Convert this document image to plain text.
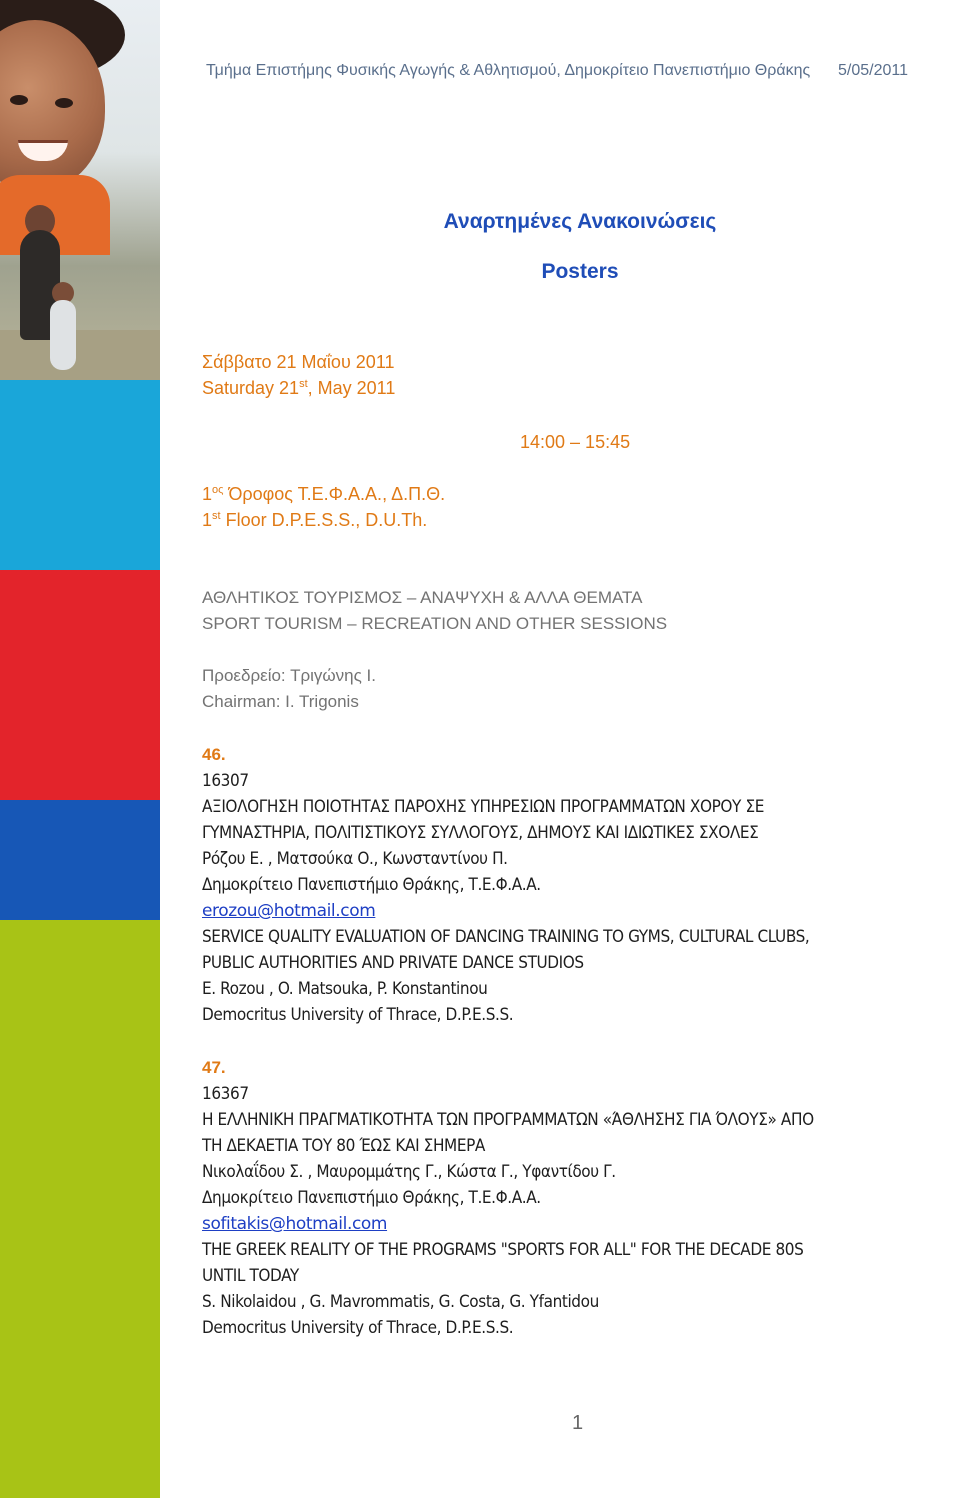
Τμήμα Επιστήμης Φυσικής Αγωγής & Αθλητισμού, Δημοκρίτειο Πανεπιστήμιο Θράκης 5/05/2011
Αναρτημένες Ανακοινώσεις
Posters
Σάββατο 21 Μαΐου 2011
Saturday 21st, May 2011
14:00 – 15:45
$1^{o\varsigma}$ Όροφος Τ.Ε.Φ.Α.Α., Δ.Π.Θ.
1st Floor D.P.E.S.S., D.U.Th.
ΑΘΛΗΤΙΚΟΣ ΤΟΥΡΙΣΜΟΣ – ΑΝΑΨΥΧΗ & ΑΛΛΑ ΘΕΜΑΤΑ
SPORT TOURISM – RECREATION AND OTHER SESSIONS
Προεδρείο: Τριγώνης Ι.
Chairman: I. Trigonis
46.
16307
ΑΞΙΟΛΟΓΗΣΗ ΠΟΙΟΤΗΤΑΣ ΠΑΡΟΧΗΣ ΥΠΗΡΕΣΙΩΝ ΠΡΟΓΡΑΜΜΑΤΩΝ ΧΟΡΟΥ ΣΕ
ΓΥΜΝΑΣΤΗΡΙΑ, ΠΟΛΙΤΙΣΤΙΚΟΥΣ ΣΥΛΛΟΓΟΥΣ, ΔΗΜΟΥΣ ΚΑΙ ΙΔΙΩΤΙΚΕΣ ΣΧΟΛΕΣ
Ρόζου Ε. , Ματσούκα Ο., Κωνσταντίνου Π.
Δημοκρίτειο Πανεπιστήμιο Θράκης, Τ.Ε.Φ.Α.Α.
erozou@hotmail.com
SERVICE QUALITY EVALUATION OF DANCING TRAINING TO GYMS, CULTURAL CLUBS,
PUBLIC AUTHORITIES AND PRIVATE DANCE STUDIOS
E. Rozou , O. Matsouka, P. Konstantinou
Democritus University of Thrace, D.P.E.S.S.
47.
16367
Η ΕΛΛΗΝΙΚΗ ΠΡΑΓΜΑΤΙΚΟΤΗΤΑ ΤΩΝ ΠΡΟΓΡΑΜΜΑΤΩΝ «ΆΘΛΗΣΗΣ ΓΙΑ ΌΛΟΥΣ» ΑΠΟ
ΤΗ ΔΕΚΑΕΤΙΑ ΤΟΥ 80 ΈΩΣ ΚΑΙ ΣΗΜΕΡΑ
Νικολαΐδου Σ. , Μαυρομμάτης Γ., Κώστα Γ., Υφαντίδου Γ.
Δημοκρίτειο Πανεπιστήμιο Θράκης, Τ.Ε.Φ.Α.Α.
sofitakis@hotmail.com
THE GREEK REALITY OF THE PROGRAMS "SPORTS FOR ALL" FOR THE DECADE 80S
UNTIL TODAY
S. Nikolaidou , G. Mavrommatis, G. Costa, G. Yfantidou
Democritus University of Thrace, D.P.E.S.S.
1
